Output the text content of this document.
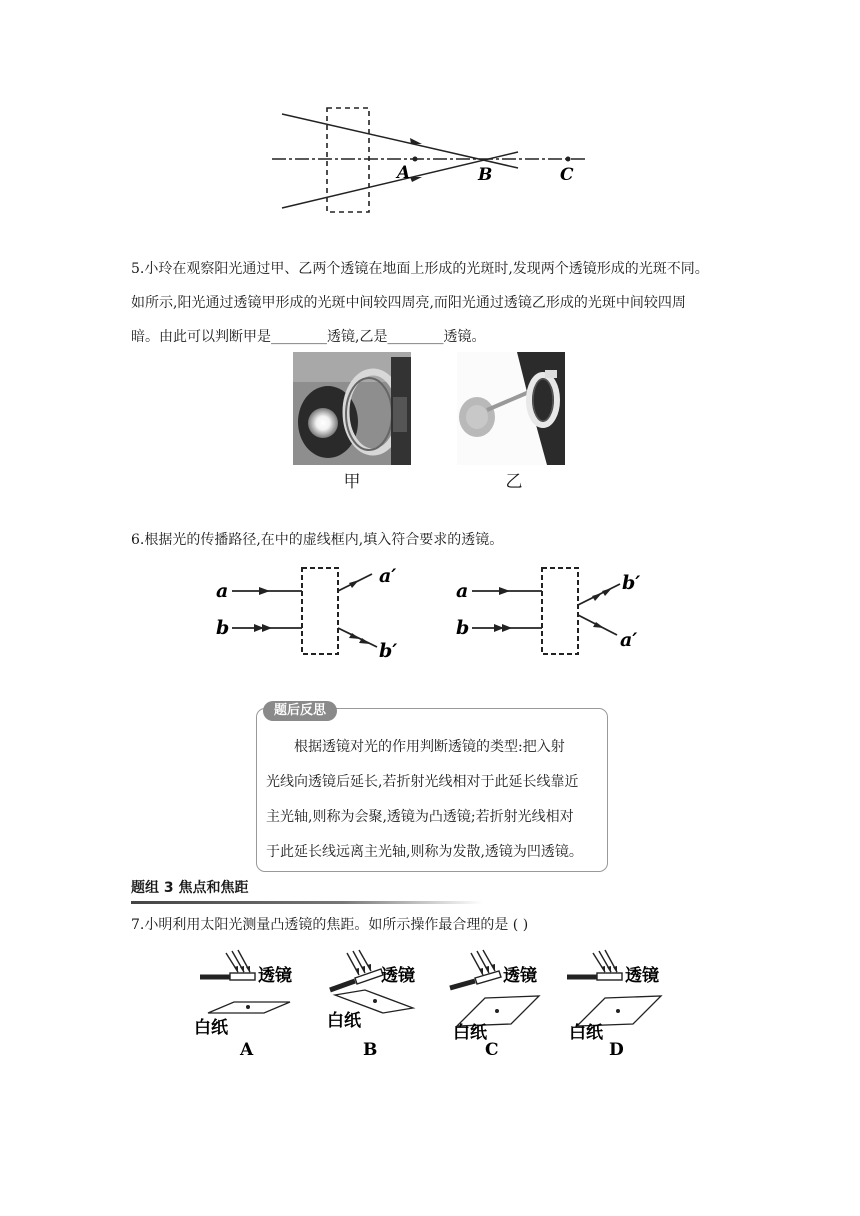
A	B	C

5.小玲在观察阳光通过甲、乙两个透镜在地面上形成的光斑时,发现两个透镜形成的光斑不同。

如所示,阳光通过透镜甲形成的光斑中间较四周亮,而阳光通过透镜乙形成的光斑中间较四周

暗。由此可以判断甲是________透镜,乙是________透镜。

甲	乙

6.根据光的传播路径,在中的虚线框内,填入符合要求的透镜。

a
b
a′
b′
a
b
b′
a′
题后反思

根据透镜对光的作用判断透镜的类型:把入射

光线向透镜后延长,若折射光线相对于此延长线靠近

主光轴,则称为会聚,透镜为凸透镜;若折射光线相对

于此延长线远离主光轴,则称为发散,透镜为凹透镜。

题组 3 焦点和焦距

7.小明利用太阳光测量凸透镜的焦距。如所示操作最合理的是 ( )

透镜
白纸
A
透镜
白纸
B
透镜
白纸
C
透镜
白纸
D
